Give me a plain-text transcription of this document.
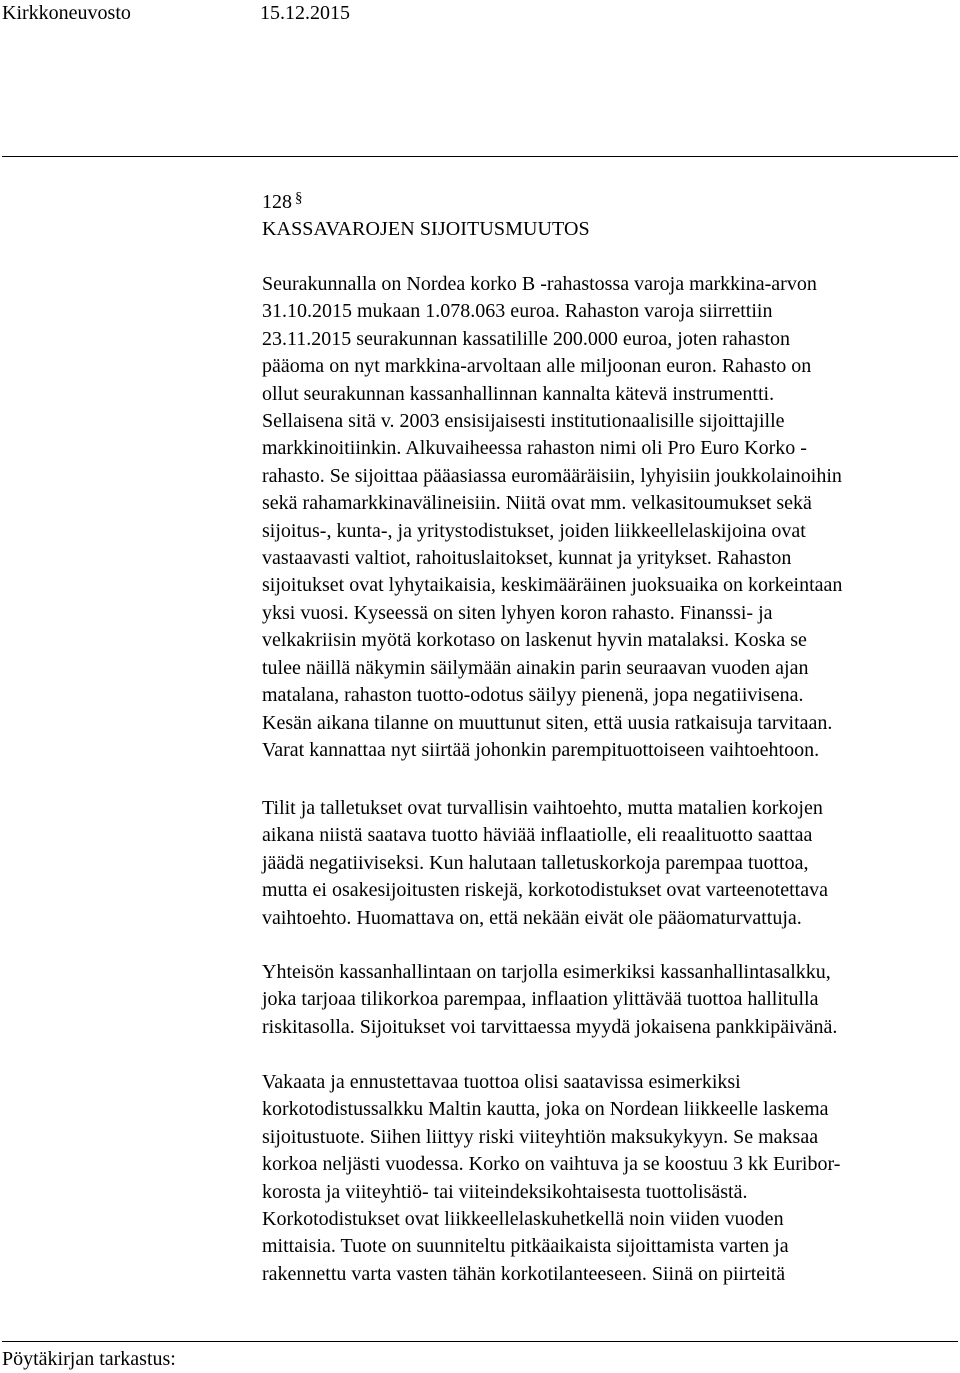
Kirkkoneuvosto	15.12.2015
128 §
KASSAVAROJEN SIJOITUSMUUTOS
Seurakunnalla on Nordea korko B -rahastossa varoja markkina-arvon
31.10.2015 mukaan 1.078.063 euroa. Rahaston varoja siirrettiin
23.11.2015 seurakunnan kassatilille 200.000 euroa, joten rahaston
pääoma on nyt markkina-arvoltaan alle miljoonan euron. Rahasto on
ollut seurakunnan kassanhallinnan kannalta kätevä instrumentti.
Sellaisena sitä v. 2003 ensisijaisesti institutionaalisille sijoittajille
markkinoitiinkin. Alkuvaiheessa rahaston nimi oli Pro Euro Korko -
rahasto. Se sijoittaa pääasiassa euromääräisiin, lyhyisiin joukkolainoihin
sekä rahamarkkinavälineisiin. Niitä ovat mm. velkasitoumukset sekä
sijoitus-, kunta-, ja yritystodistukset, joiden liikkeellelaskijoina ovat
vastaavasti valtiot, rahoituslaitokset, kunnat ja yritykset. Rahaston
sijoitukset ovat lyhytaikaisia, keskimääräinen juoksuaika on korkeintaan
yksi vuosi. Kyseessä on siten lyhyen koron rahasto. Finanssi- ja
velkakriisin myötä korkotaso on laskenut hyvin matalaksi. Koska se
tulee näillä näkymin säilymään ainakin parin seuraavan vuoden ajan
matalana, rahaston tuotto-odotus säilyy pienenä, jopa negatiivisena.
Kesän aikana tilanne on muuttunut siten, että uusia ratkaisuja tarvitaan.
Varat kannattaa nyt siirtää johonkin parempituottoiseen vaihtoehtoon.
Tilit ja talletukset ovat turvallisin vaihtoehto, mutta matalien korkojen
aikana niistä saatava tuotto häviää inflaatiolle, eli reaalituotto saattaa
jäädä negatiiviseksi. Kun halutaan talletuskorkoja parempaa tuottoa,
mutta ei osakesijoitusten riskejä, korkotodistukset ovat varteenotettava
vaihtoehto. Huomattava on, että nekään eivät ole pääomaturvattuja.
Yhteisön kassanhallintaan on tarjolla esimerkiksi kassanhallintasalkku,
joka tarjoaa tilikorkoa parempaa, inflaation ylittävää tuottoa hallitulla
riskitasolla. Sijoitukset voi tarvittaessa myydä jokaisena pankkipäivänä.
Vakaata ja ennustettavaa tuottoa olisi saatavissa esimerkiksi
korkotodistussalkku Maltin kautta, joka on Nordean liikkeelle laskema
sijoitustuote. Siihen liittyy riski viiteyhtiön maksukykyyn. Se maksaa
korkoa neljästi vuodessa. Korko on vaihtuva ja se koostuu 3 kk Euribor-
korosta ja viiteyhtiö- tai viiteindeksikohtaisesta tuottolisästä.
Korkotodistukset ovat liikkeellelaskuhetkellä noin viiden vuoden
mittaisia. Tuote on suunniteltu pitkäaikaista sijoittamista varten ja
rakennettu varta vasten tähän korkotilanteeseen. Siinä on piirteitä
Pöytäkirjan tarkastus:
